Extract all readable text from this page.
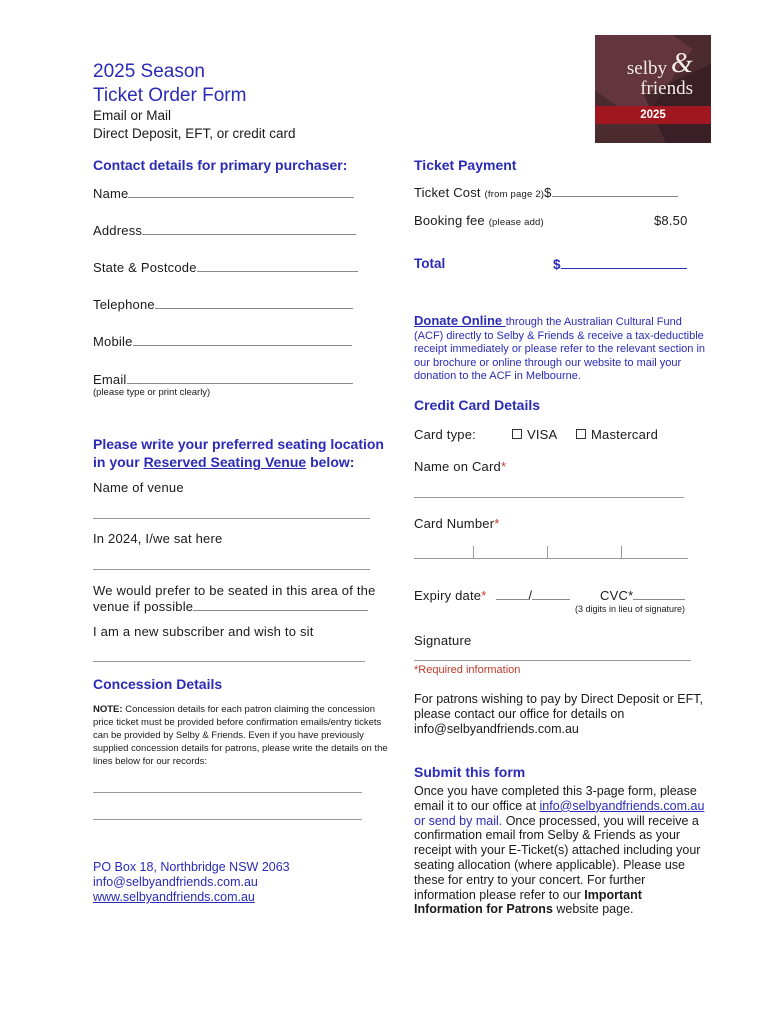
2025 Season
Ticket Order Form
Email or Mail
Direct Deposit, EFT, or credit card
selby
friends
&
2025
Contact details for primary purchaser:
Name
Address
State & Postcode
Telephone
Mobile
Email
(please type or print clearly)
Please write your preferred seating location in your Reserved Seating Venue below:
Name of venue
In 2024, I/we sat here
We would prefer to be seated in this area of the
venue if possible
I am a new subscriber and wish to sit
Concession Details
NOTE: Concession details for each patron claiming the concession price ticket must be provided before confirmation emails/entry tickets can be provided by Selby & Friends. Even if you have previously supplied concession details for patrons, please write the details on the lines below for our records:
PO Box 18, Northbridge NSW 2063
info@selbyandfriends.com.au
www.selbyandfriends.com.au
Ticket Payment
Ticket Cost (from page 2)$
Booking fee (please add)	$8.50
Total	$
Donate Online through the Australian Cultural Fund (ACF) directly to Selby & Friends & receive a tax-deductible receipt immediately or please refer to the relevant section in our brochure or online through our website to mail your donation to the ACF in Melbourne.
Credit Card Details
Card type:	VISA	Mastercard
Name on Card*
Card Number*
Expiry date*	/	CVC*
(3 digits in lieu of signature)
Signature
*Required information
For patrons wishing to pay by Direct Deposit or EFT, please contact our office for details on info@selbyandfriends.com.au
Submit this form
Once you have completed this 3-page form, please email it to our office at info@selbyandfriends.com.au or send by mail. Once processed, you will receive a confirmation email from Selby & Friends as your receipt with your E-Ticket(s) attached including your seating allocation (where applicable). Please use these for entry to your concert. For further information please refer to our Important Information for Patrons website page.
